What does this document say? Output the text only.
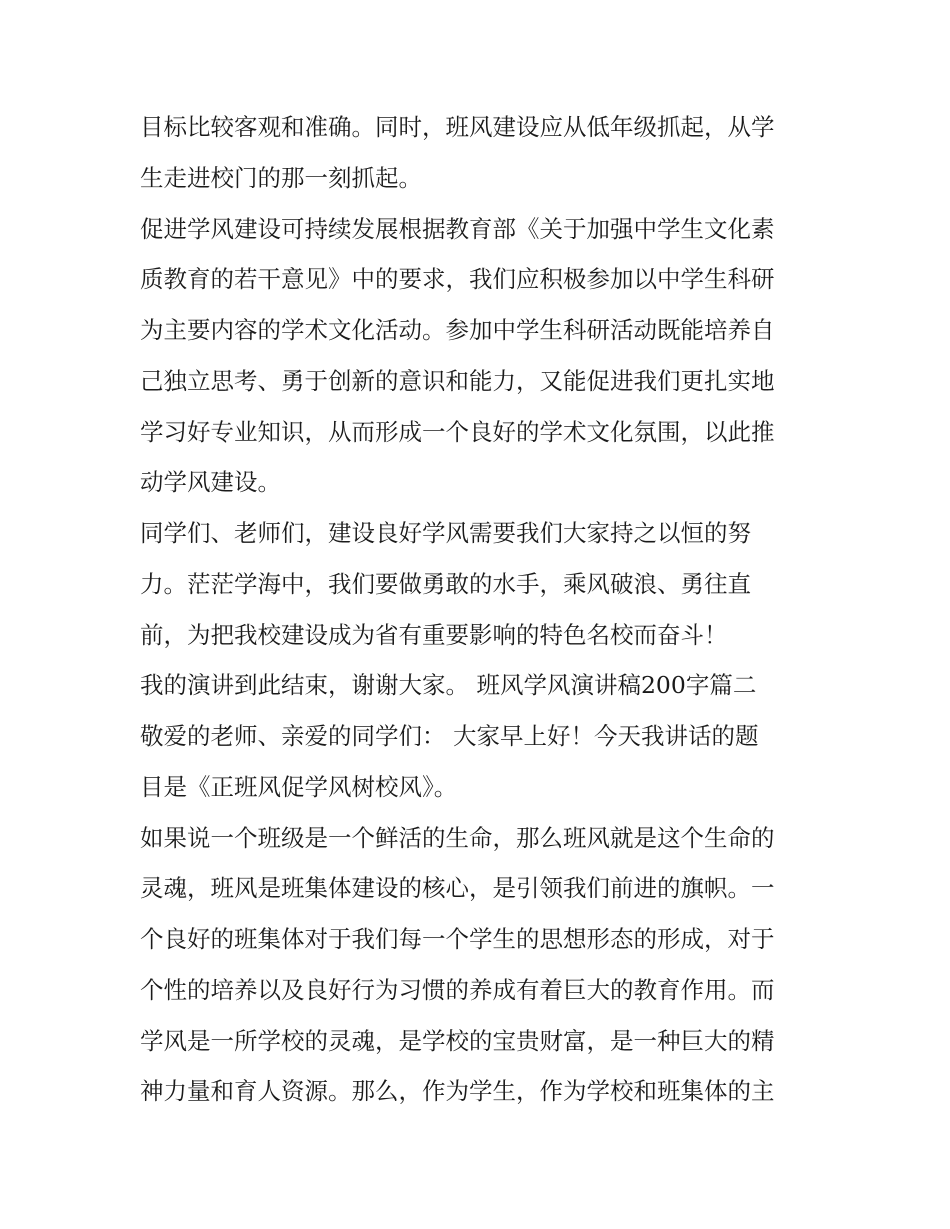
目标比较客观和准确。同时，班风建设应从低年级抓起，从学
生走进校门的那一刻抓起。
促进学风建设可持续发展根据教育部《关于加强中学生文化素
质教育的若干意见》中的要求，我们应积极参加以中学生科研
为主要内容的学术文化活动。参加中学生科研活动既能培养自
己独立思考、勇于创新的意识和能力，又能促进我们更扎实地
学习好专业知识，从而形成一个良好的学术文化氛围，以此推
动学风建设。
同学们、老师们，建设良好学风需要我们大家持之以恒的努
力。茫茫学海中，我们要做勇敢的水手，乘风破浪、勇往直
前，为把我校建设成为省有重要影响的特色名校而奋斗！
我的演讲到此结束，谢谢大家。 班风学风演讲稿200字篇二
敬爱的老师、亲爱的同学们： 大家早上好！今天我讲话的题
目是《正班风促学风树校风》。
如果说一个班级是一个鲜活的生命，那么班风就是这个生命的
灵魂，班风是班集体建设的核心，是引领我们前进的旗帜。一
个良好的班集体对于我们每一个学生的思想形态的形成，对于
个性的培养以及良好行为习惯的养成有着巨大的教育作用。而
学风是一所学校的灵魂，是学校的宝贵财富，是一种巨大的精
神力量和育人资源。那么，作为学生，作为学校和班集体的主
